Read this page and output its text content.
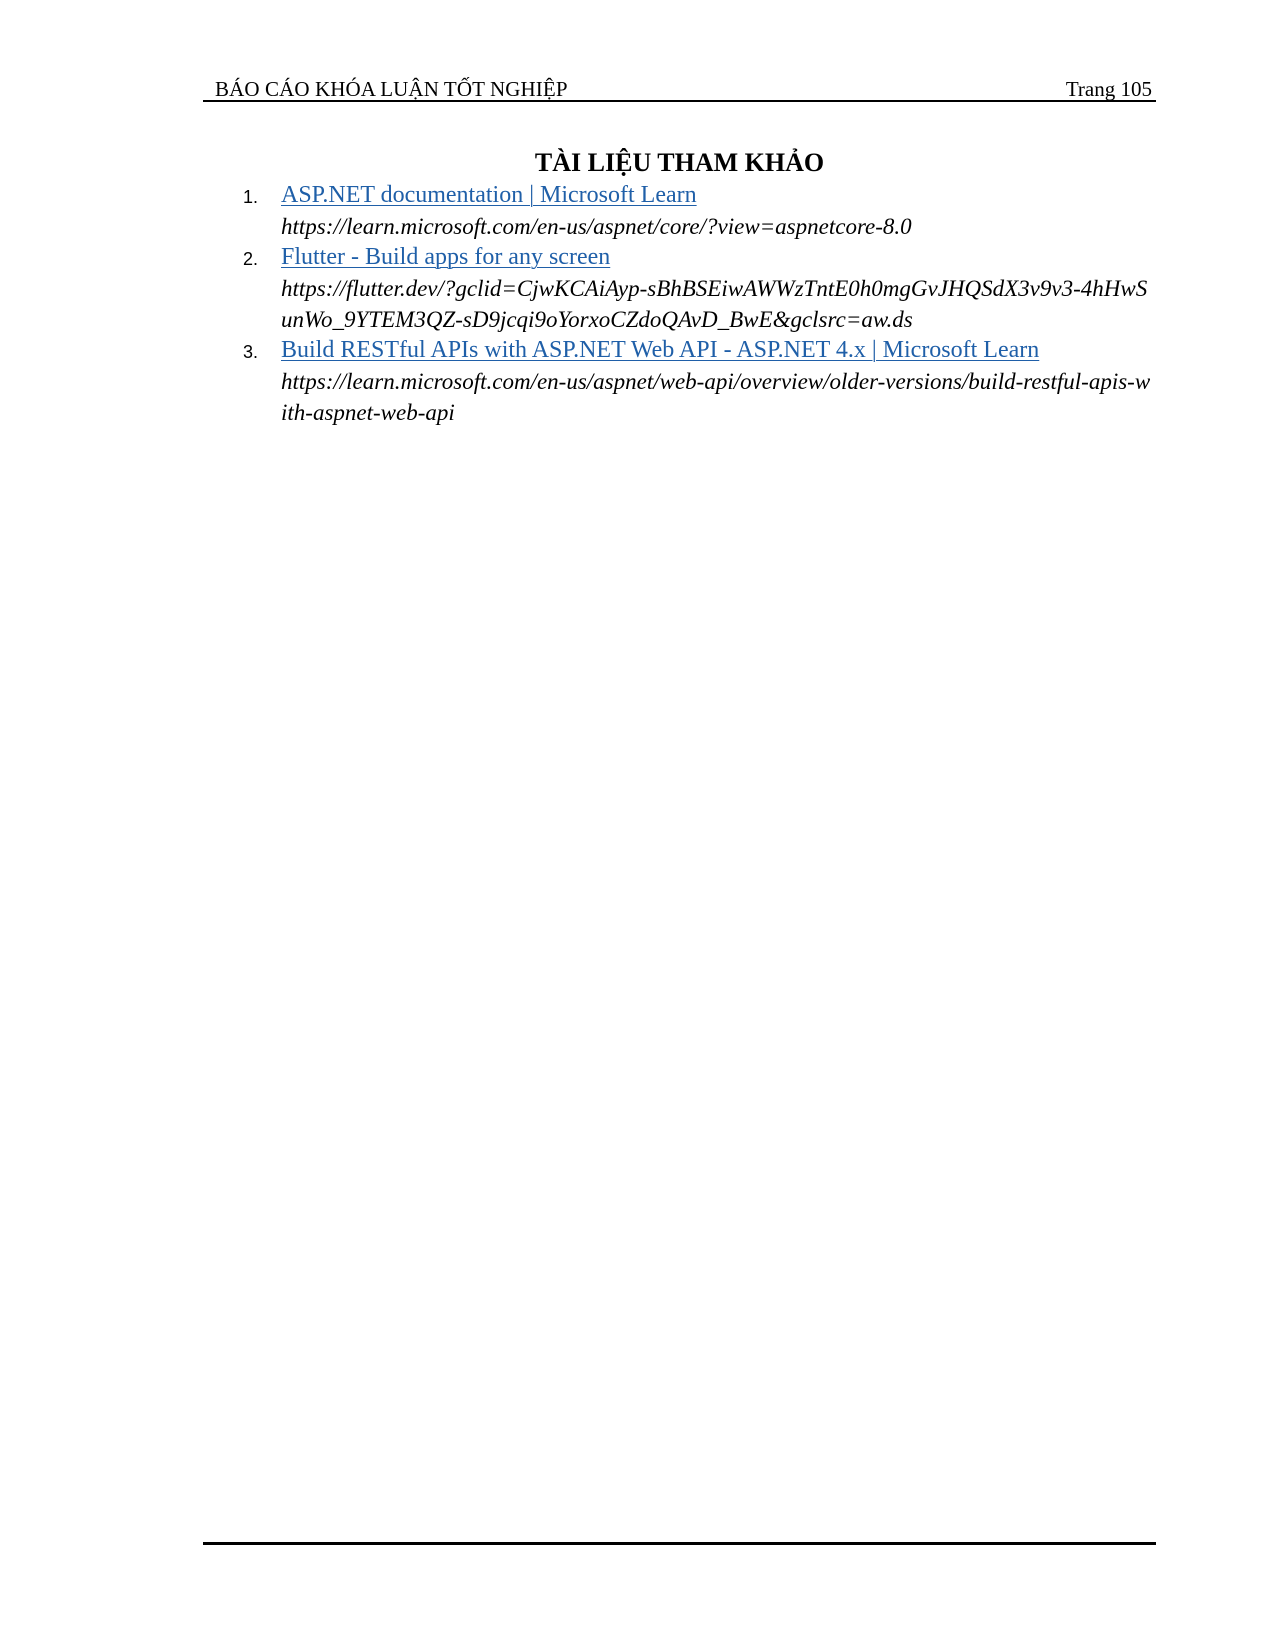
BÁO CÁO KHÓA LUẬN TỐT NGHIỆP	Trang 105
TÀI LIỆU THAM KHẢO
1. ASP.NET documentation | Microsoft Learn
https://learn.microsoft.com/en-us/aspnet/core/?view=aspnetcore-8.0
2. Flutter - Build apps for any screen
https://flutter.dev/?gclid=CjwKCAiAyp-sBhBSEiwAWWzTntE0h0mgGvJHQSdX3v9v3-4hHwSunWo_9YTEM3QZ-sD9jcqi9oYorxoCZdoQAvD_BwE&gclsrc=aw.ds
3. Build RESTful APIs with ASP.NET Web API - ASP.NET 4.x | Microsoft Learn
https://learn.microsoft.com/en-us/aspnet/web-api/overview/older-versions/build-restful-apis-with-aspnet-web-api
